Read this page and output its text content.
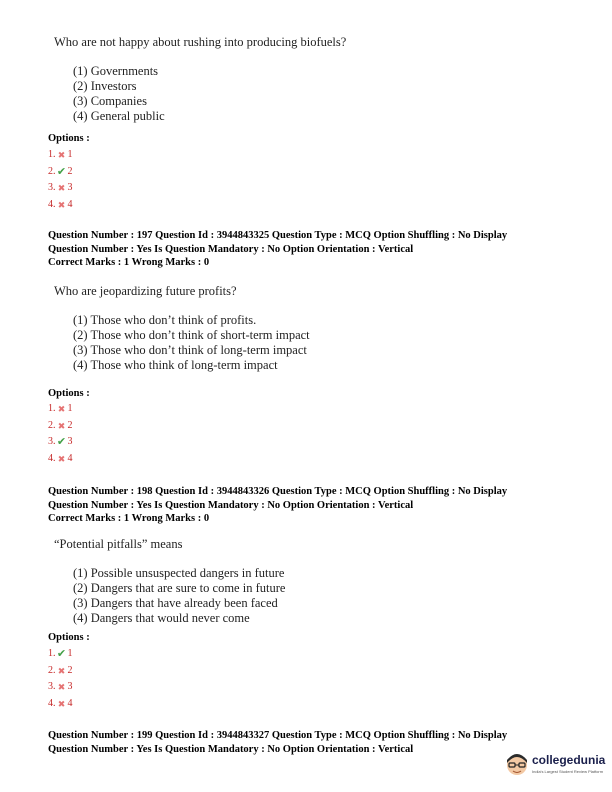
Who are not happy about rushing into producing biofuels?
(1) Governments
(2) Investors
(3) Companies
(4) General public
Options :
1. ✖ 1
2. ✔ 2
3. ✖ 3
4. ✖ 4
Question Number : 197 Question Id : 3944843325 Question Type : MCQ Option Shuffling : No Display
Question Number : Yes Is Question Mandatory : No Option Orientation : Vertical
Correct Marks : 1 Wrong Marks : 0
Who are jeopardizing future profits?
(1) Those who don’t think of profits.
(2) Those who don’t think of short-term impact
(3) Those who don’t think of long-term impact
(4) Those who think of long-term impact
Options :
1. ✖ 1
2. ✖ 2
3. ✔ 3
4. ✖ 4
Question Number : 198 Question Id : 3944843326 Question Type : MCQ Option Shuffling : No Display
Question Number : Yes Is Question Mandatory : No Option Orientation : Vertical
Correct Marks : 1 Wrong Marks : 0
“Potential pitfalls” means
(1) Possible unsuspected dangers in future
(2) Dangers that are sure to come in future
(3) Dangers that have already been faced
(4) Dangers that would never come
Options :
1. ✔ 1
2. ✖ 2
3. ✖ 3
4. ✖ 4
Question Number : 199 Question Id : 3944843327 Question Type : MCQ Option Shuffling : No Display
Question Number : Yes Is Question Mandatory : No Option Orientation : Vertical
collegedunia
India's Largest Student Review Platform
